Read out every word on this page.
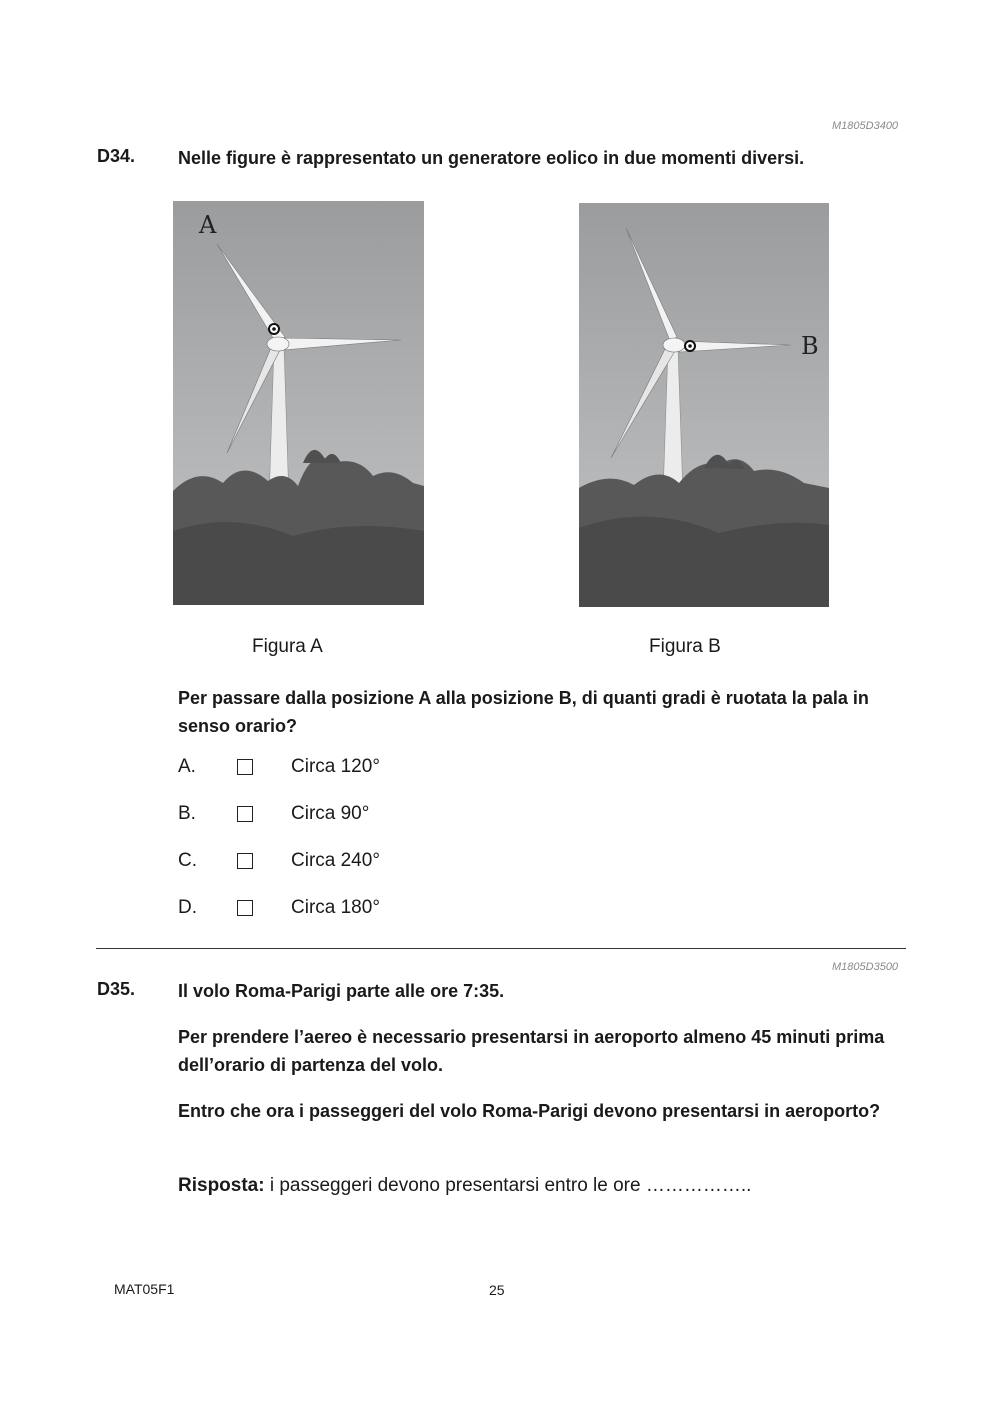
M1805D3400
D34. Nelle figure è rappresentato un generatore eolico in due momenti diversi.
A
B
Figura A	Figura B
Per passare dalla posizione A alla posizione B, di quanti gradi è ruotata la pala in senso orario?
A.	Circa 120°
B.	Circa 90°
C.	Circa 240°
D.	Circa 180°
M1805D3500
D35. Il volo Roma-Parigi parte alle ore 7:35.
Per prendere l’aereo è necessario presentarsi in aeroporto almeno 45 minuti prima dell’orario di partenza del volo.
Entro che ora i passeggeri del volo Roma-Parigi devono presentarsi in aeroporto?
Risposta: i passeggeri devono presentarsi entro le ore ……………..
MAT05F1	25
